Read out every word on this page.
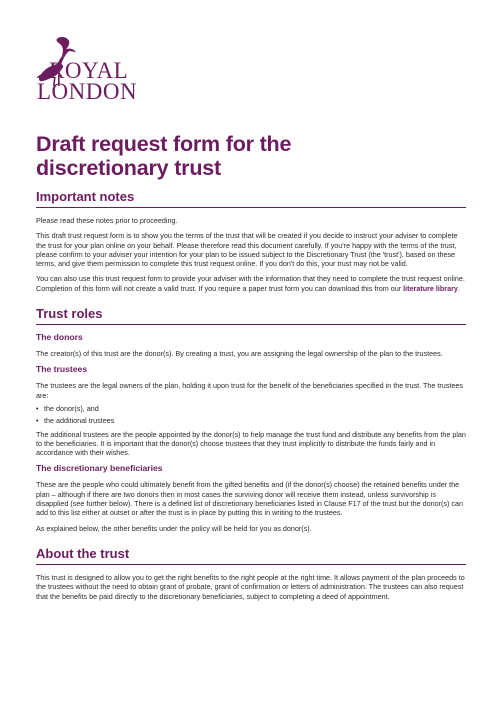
ROYAL
LONDON
Draft request form for the
discretionary trust
Important notes

Please read these notes prior to proceeding.

This draft trust request form is to show you the terms of the trust that will be created if you decide to instruct your adviser to complete the trust for your plan online on your behalf. Please therefore read this document carefully. If you're happy with the terms of the trust, please confirm to your adviser your intention for your plan to be issued subject to the Discretionary Trust (the 'trust'), based on these terms, and give them permission to complete this trust request online. If you don't do this, your trust may not be valid.

You can also use this trust request form to provide your adviser with the information that they need to complete the trust request online. Completion of this form will not create a valid trust. If you require a paper trust form you can download this from our literature library.

Trust roles
The donors

The creator(s) of this trust are the donor(s). By creating a trust, you are assigning the legal ownership of the plan to the trustees.

The trustees

The trustees are the legal owners of the plan, holding it upon trust for the benefit of the beneficiaries specified in the trust. The trustees are:

• the donor(s), and
• the additional trustees

The additional trustees are the people appointed by the donor(s) to help manage the trust fund and distribute any benefits from the plan to the beneficiaries. It is important that the donor(s) choose trustees that they trust implicitly to distribute the funds fairly and in accordance with their wishes.

The discretionary beneficiaries

These are the people who could ultimately benefit from the gifted benefits and (if the donor(s) choose) the retained benefits under the plan – although if there are two donors then in most cases the surviving donor will receive them instead, unless survivorship is disapplied (see further below). There is a defined list of discretionary beneficiaries listed in Clause F17 of the trust but the donor(s) can add to this list either at outset or after the trust is in place by putting this in writing to the trustees.

As explained below, the other benefits under the policy will be held for you as donor(s).

About the trust

This trust is designed to allow you to get the right benefits to the right people at the right time. It allows payment of the plan proceeds to the trustees without the need to obtain grant of probate, grant of confirmation or letters of administration. The trustees can also request that the benefits be paid directly to the discretionary beneficiaries, subject to completing a deed of appointment.
